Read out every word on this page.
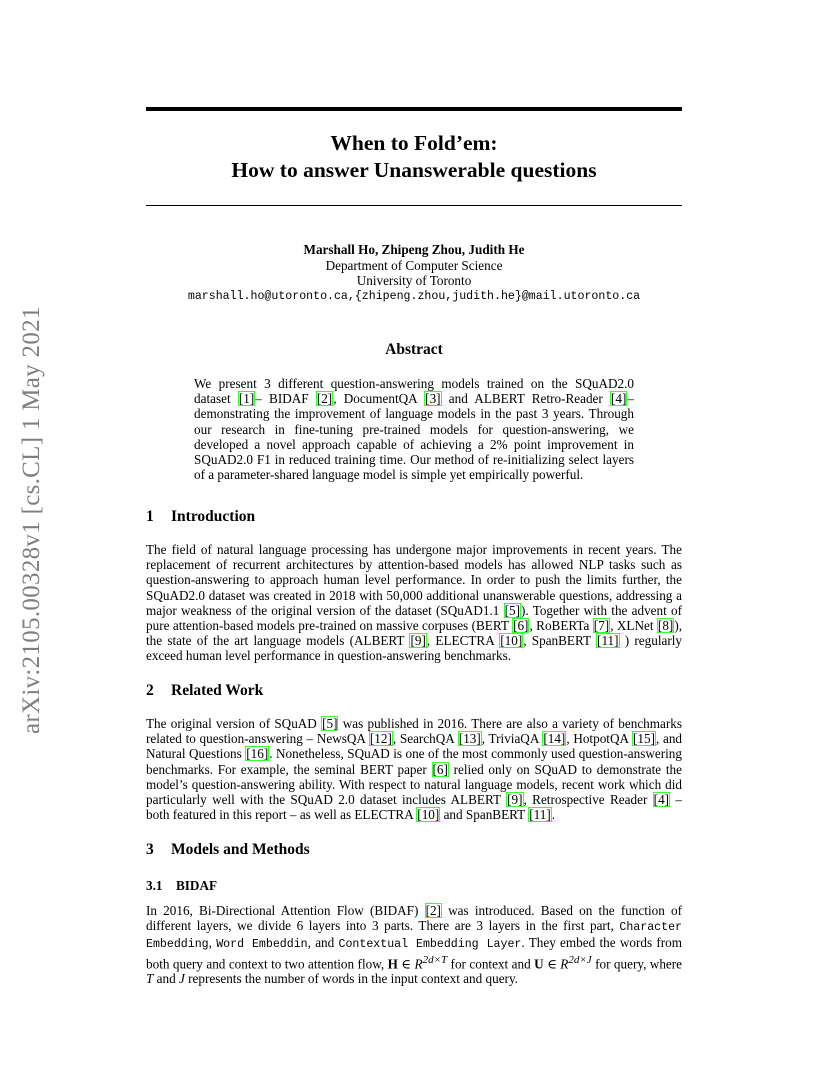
arXiv:2105.00328v1 [cs.CL] 1 May 2021
When to Fold’em:
How to answer Unanswerable questions
Marshall Ho, Zhipeng Zhou, Judith He
Department of Computer Science
University of Toronto
marshall.ho@utoronto.ca,{zhipeng.zhou,judith.he}@mail.utoronto.ca
Abstract
We present 3 different question-answering models trained on the SQuAD2.0 dataset [1]– BIDAF [2], DocumentQA [3] and ALBERT Retro-Reader [4]– demonstrating the improvement of language models in the past 3 years. Through our research in fine-tuning pre-trained models for question-answering, we developed a novel approach capable of achieving a 2% point improvement in SQuAD2.0 F1 in reduced training time. Our method of re-initializing select layers of a parameter-shared language model is simple yet empirically powerful.
1 Introduction
The field of natural language processing has undergone major improvements in recent years. The replacement of recurrent architectures by attention-based models has allowed NLP tasks such as question-answering to approach human level performance. In order to push the limits further, the SQuAD2.0 dataset was created in 2018 with 50,000 additional unanswerable questions, addressing a major weakness of the original version of the dataset (SQuAD1.1 [5]). Together with the advent of pure attention-based models pre-trained on massive corpuses (BERT [6], RoBERTa [7], XLNet [8]), the state of the art language models (ALBERT [9], ELECTRA [10], SpanBERT [11] ) regularly exceed human level performance in question-answering benchmarks.
2 Related Work
The original version of SQuAD [5] was published in 2016. There are also a variety of benchmarks related to question-answering – NewsQA [12], SearchQA [13], TriviaQA [14], HotpotQA [15], and Natural Questions [16]. Nonetheless, SQuAD is one of the most commonly used question-answering benchmarks. For example, the seminal BERT paper [6] relied only on SQuAD to demonstrate the model’s question-answering ability. With respect to natural language models, recent work which did particularly well with the SQuAD 2.0 dataset includes ALBERT [9], Retrospective Reader [4] – both featured in this report – as well as ELECTRA [10] and SpanBERT [11].
3 Models and Methods
3.1 BIDAF
In 2016, Bi-Directional Attention Flow (BIDAF) [2] was introduced. Based on the function of different layers, we divide 6 layers into 3 parts. There are 3 layers in the first part, Character Embedding, Word Embeddin, and Contextual Embedding Layer. They embed the words from both query and context to two attention flow, H ∈ $R^{2d\times T}$ for context and U ∈ $R^{2d\times J}$ for query, where T and J represents the number of words in the input context and query.
